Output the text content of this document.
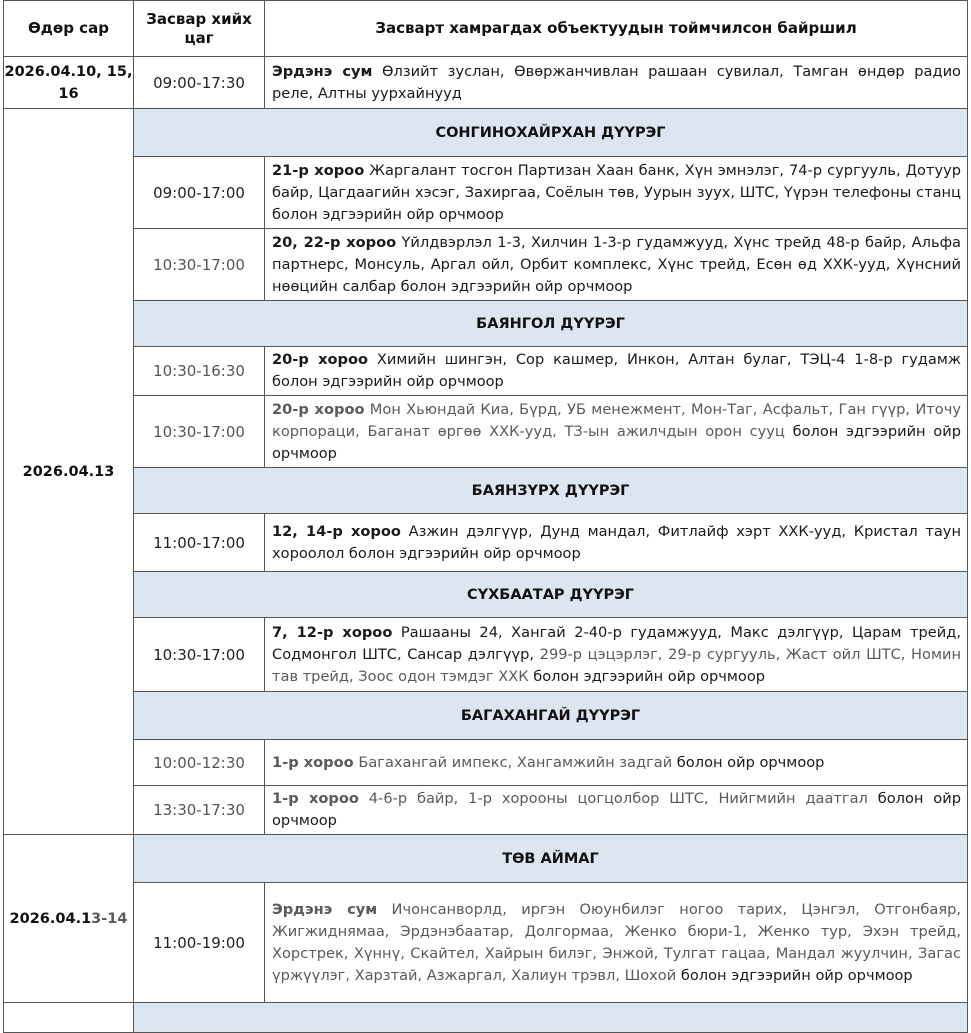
Өдөр сар	Засвар хийх цаг	Засварт хамрагдах объектуудын тоймчилсон байршил
2026.04.10, 15, 16	09:00-17:30	Эрдэнэ сум Өлзийт зуслан, Өвөржанчивлан рашаан сувилал, Тамган өндөр радио реле, Алтны уурхайнууд
2026.04.13	СОНГИНОХАЙРХАН ДҮҮРЭГ	
	09:00-17:00	21-р хороо Жаргалант тосгон Партизан Хаан банк, Хүн эмнэлэг, 74-р сургууль, Дотуур байр, Цагдаагийн хэсэг, Захиргаа, Соёлын төв, Уурын зуух, ШТС, Үүрэн телефоны станц болон эдгээрийн ойр орчмоор
	10:30-17:00	20, 22-р хороо Үйлдвэрлэл 1-3, Хилчин 1-3-р гудамжууд, Хүнс трейд 48-р байр, Альфа партнерс, Монсуль, Аргал ойл, Орбит комплекс, Хүнс трейд, Есөн өд ХХК-ууд, Хүнсний нөөцийн салбар болон эдгээрийн ойр орчмоор
	БАЯНГОЛ ДҮҮРЭГ	
	10:30-16:30	20-р хороо Химийн шингэн, Сор кашмер, Инкон, Алтан булаг, ТЭЦ-4 1-8-р гудамж болон эдгээрийн ойр орчмоор
	10:30-17:00	20-р хороо Мон Хьюндай Киа, Бүрд, УБ менежмент, Мон-Таг, Асфальт, Ган гүүр, Иточу корпораци, Баганат өргөө ХХК-ууд, ТЗ-ын ажилчдын орон сууц болон эдгээрийн ойр орчмоор
	БАЯНЗҮРХ ДҮҮРЭГ	
	11:00-17:00	12, 14-р хороо Азжин дэлгүүр, Дунд мандал, Фитлайф хэрт ХХК-ууд, Кристал таун хороолол болон эдгээрийн ойр орчмоор
	СҮХБААТАР ДҮҮРЭГ	
	10:30-17:00	7, 12-р хороо Рашааны 24, Хангай 2-40-р гудамжууд, Макс дэлгүүр, Царам трейд, Содмонгол ШТС, Сансар дэлгүүр, 299-р цэцэрлэг, 29-р сургууль, Жаст ойл ШТС, Номин тав трейд, Зоос одон тэмдэг ХХК болон эдгээрийн ойр орчмоор
	БАГАХАНГАЙ ДҮҮРЭГ	
	10:00-12:30	1-р хороо Багахангай импекс, Хангамжийн задгай болон ойр орчмоор
	13:30-17:30	1-р хороо 4-6-р байр, 1-р хорооны цогцолбор ШТС, Нийгмийн даатгал болон ойр орчмоор
2026.04.13-14	ТӨВ АЙМАГ	
	11:00-19:00	Эрдэнэ сум Ичонсанворлд, иргэн Оюунбилэг ногоо тарих, Цэнгэл, Отгонбаяр, Жигжиднямаа, Эрдэнэбаатар, Долгормаа, Женко бюри-1, Женко тур, Эхэн трейд, Хорстрек, Хүннү, Скайтел, Хайрын билэг, Энжой, Тулгат гацаа, Мандал жуулчин, Загас үржүүлэг, Харзтай, Азжаргал, Халиун трэвл, Шохой болон эдгээрийн ойр орчмоор
